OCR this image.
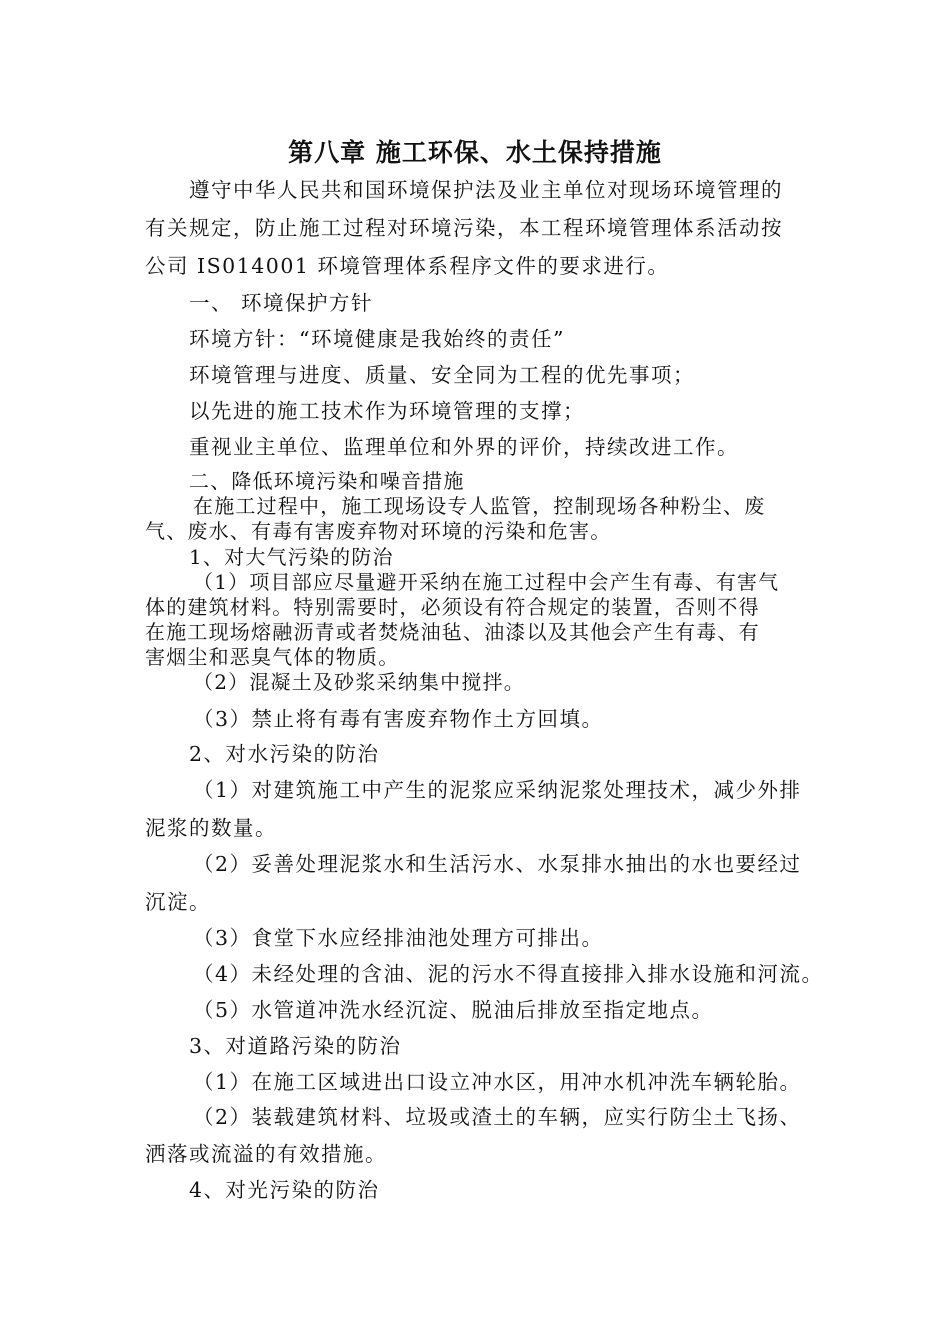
第八章 施工环保、水土保持措施
遵守中华人民共和国环境保护法及业主单位对现场环境管理的
有关规定，防止施工过程对环境污染，本工程环境管理体系活动按
公司 IS014001 环境管理体系程序文件的要求进行。
一、 环境保护方针
环境方针：“环境健康是我始终的责任”
环境管理与进度、质量、安全同为工程的优先事项；
以先进的施工技术作为环境管理的支撑；
重视业主单位、监理单位和外界的评价，持续改进工作。
二、降低环境污染和噪音措施
在施工过程中，施工现场设专人监管，控制现场各种粉尘、废
气、废水、有毒有害废弃物对环境的污染和危害。
1、对大气污染的防治
（1）项目部应尽量避开采纳在施工过程中会产生有毒、有害气
体的建筑材料。特别需要时，必须设有符合规定的装置，否则不得
在施工现场熔融沥青或者焚烧油毡、油漆以及其他会产生有毒、有
害烟尘和恶臭气体的物质。
（2）混凝土及砂浆采纳集中搅拌。
（3）禁止将有毒有害废弃物作土方回填。
2、对水污染的防治
（1）对建筑施工中产生的泥浆应采纳泥浆处理技术，减少外排
泥浆的数量。
（2）妥善处理泥浆水和生活污水、水泵排水抽出的水也要经过
沉淀。
（3）食堂下水应经排油池处理方可排出。
（4）未经处理的含油、泥的污水不得直接排入排水设施和河流。
（5）水管道冲洗水经沉淀、脱油后排放至指定地点。
3、对道路污染的防治
（1）在施工区域进出口设立冲水区，用冲水机冲洗车辆轮胎。
（2）装载建筑材料、垃圾或渣土的车辆，应实行防尘土飞扬、
洒落或流溢的有效措施。
4、对光污染的防治
